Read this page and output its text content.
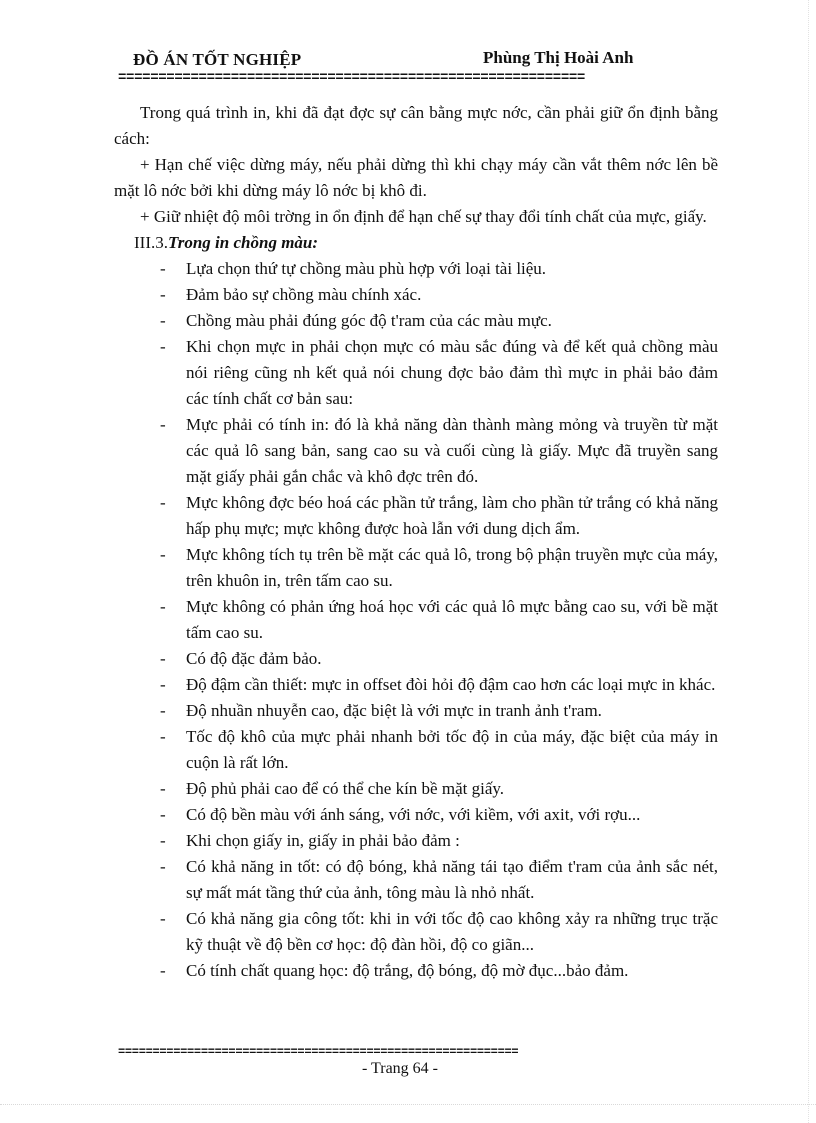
ĐỒ ÁN TỐT NGHIỆP	Phùng Thị Hoài Anh
==========================================================
Trong quá trình in, khi đã đạt đợc sự cân bằng mực nớc, cần phải giữ ổn định bằng cách:
+ Hạn chế việc dừng máy, nếu phải dừng thì khi chạy máy cần vắt thêm nớc lên bề mặt lô nớc bởi khi dừng máy lô nớc bị khô đi.
+ Giữ nhiệt độ môi trờng in ổn định để hạn chế sự thay đổi tính chất của mực, giấy.
III.3.Trong in chồng màu:
- Lựa chọn thứ tự chồng màu phù hợp với loại tài liệu.
- Đảm bảo sự chồng màu chính xác.
- Chồng màu phải đúng góc độ t'ram của các màu mực.
- Khi chọn mực in phải chọn mực có màu sắc đúng và để kết quả chồng màu nói riêng cũng nh kết quả nói chung đợc bảo đảm thì mực in phải bảo đảm các tính chất cơ bản sau:
- Mực phải có tính in: đó là khả năng dàn thành màng mỏng và truyền từ mặt các quả lô sang bản, sang cao su và cuối cùng là giấy. Mực đã truyền sang mặt giấy phải gắn chắc và khô đợc trên đó.
- Mực không đợc béo hoá các phần tử trắng, làm cho phần tử trắng có khả năng hấp phụ mực; mực không được hoà lẫn với dung dịch ẩm.
- Mực không tích tụ trên bề mặt các quả lô, trong bộ phận truyền mực của máy, trên khuôn in, trên tấm cao su.
- Mực không có phản ứng hoá học với các quả lô mực bằng cao su, với bề mặt tấm cao su.
- Có độ đặc đảm bảo.
- Độ đậm cần thiết: mực in offset đòi hỏi độ đậm cao hơn các loại mực in khác.
- Độ nhuần nhuyễn cao, đặc biệt là với mực in tranh ảnh t'ram.
- Tốc độ khô của mực phải nhanh bởi tốc độ in của máy, đặc biệt của máy in cuộn là rất lớn.
- Độ phủ phải cao để có thể che kín bề mặt giấy.
- Có độ bền màu với ánh sáng, với nớc, với kiềm, với axit, với rợu...
- Khi chọn giấy in, giấy in phải bảo đảm :
- Có khả năng in tốt: có độ bóng, khả năng tái tạo điểm t'ram của ảnh sắc nét, sự mất mát tầng thứ của ảnh, tông màu là nhỏ nhất.
- Có khả năng gia công tốt: khi in với tốc độ cao không xảy ra những trục trặc kỹ thuật về độ bền cơ học: độ đàn hồi, độ co giãn...
- Có tính chất quang học: độ trắng, độ bóng, độ mờ đục...bảo đảm.
==========================================================
- Trang 64 -
